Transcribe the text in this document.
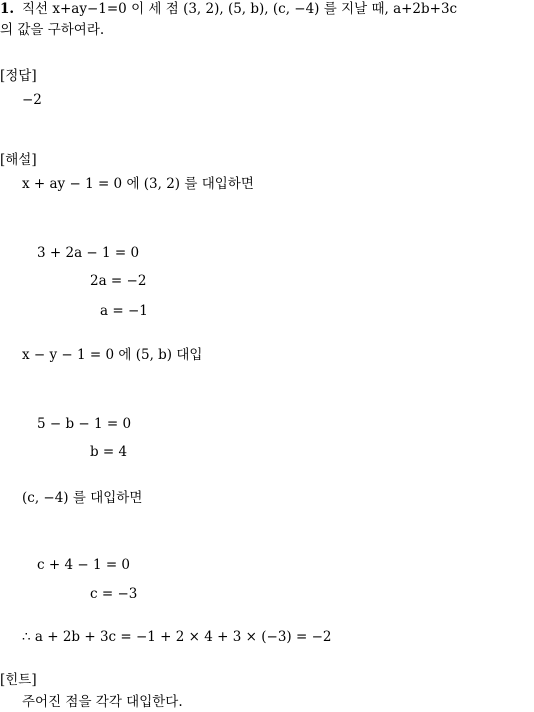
1. 직선 x+ay−1=0 이 세 점 (3, 2), (5, b), (c, −4) 를 지날 때, a+2b+3c
의 값을 구하여라.
[정답]
−2
[해설]
x + ay − 1 = 0 에 (3, 2) 를 대입하면
3 + 2a − 1 = 0
2a = −2
a = −1
x − y − 1 = 0 에 (5, b) 대입
5 − b − 1 = 0
b = 4
(c, −4) 를 대입하면
c + 4 − 1 = 0
c = −3
∴ a + 2b + 3c = −1 + 2 × 4 + 3 × (−3) = −2
[힌트]
주어진 점을 각각 대입한다.
